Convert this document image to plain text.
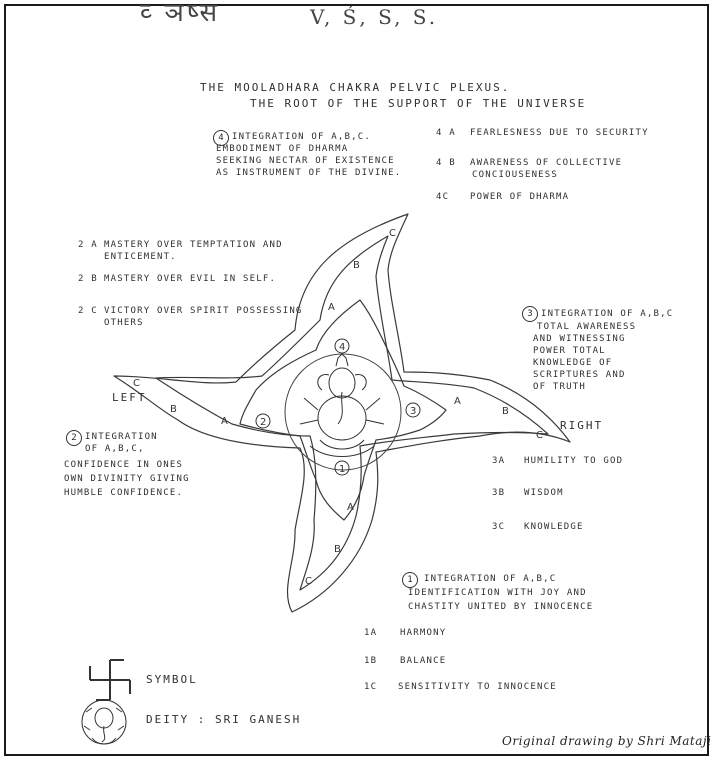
व्‍ ञष्स	V, Ś, S, S.
THE MOOLADHARA CHAKRA PELVIC PLEXUS.
THE ROOT OF THE SUPPORT OF THE UNIVERSE
4 INTEGRATION OF A,B,C.
EMBODIMENT OF DHARMA
SEEKING NECTAR OF EXISTENCE
AS INSTRUMENT OF THE DIVINE.
4 A FEARLESNESS DUE TO SECURITY
4 B AWARENESS OF COLLECTIVE
CONCIOUSENESS
4C POWER OF DHARMA
2 A MASTERY OVER TEMPTATION AND
ENTICEMENT.
2 B MASTERY OVER EVIL IN SELF.
2 C VICTORY OVER SPIRIT POSSESSING
OTHERS
3 INTEGRATION OF A,B,C
TOTAL AWARENESS
AND WITNESSING
POWER TOTAL
KNOWLEDGE OF
SCRIPTURES AND
OF TRUTH
2 INTEGRATION
OF A,B,C,
CONFIDENCE IN ONES
OWN DIVINITY GIVING
HUMBLE CONFIDENCE.
3A HUMILITY TO GOD
3B WISDOM
3C KNOWLEDGE
1	INTEGRATION OF A,B,C
IDENTIFICATION WITH JOY AND
CHASTITY UNITED BY INNOCENCE
1A	HARMONY
1B	BALANCE
1C SENSITIVITY TO INNOCENCE
LEFT
RIGHT
C
B
A
C
B
A
A
B
C
A
B
C
4
2
3
1
SYMBOL
DEITY : SRI GANESH
Original drawing by Shri Mataji
